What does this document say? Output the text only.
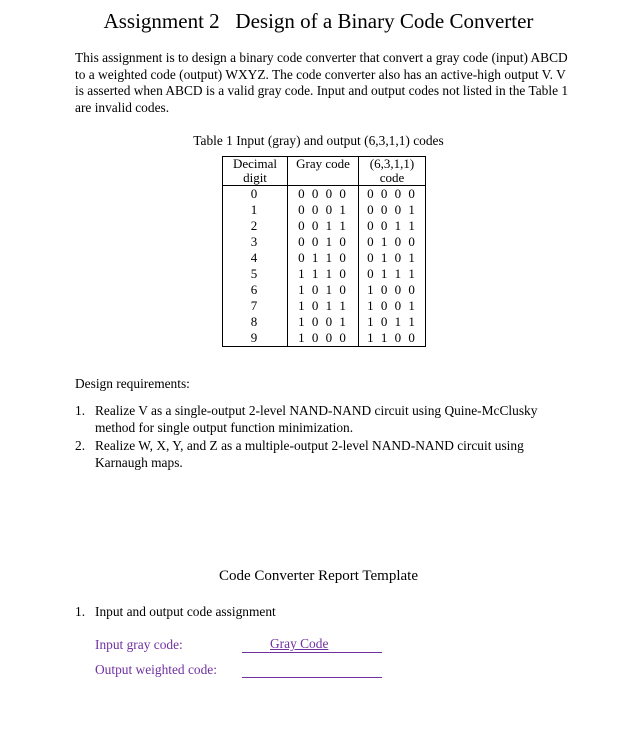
Assignment 2   Design of a Binary Code Converter
This assignment is to design a binary code converter that convert a gray code (input) ABCD to a weighted code (output) WXYZ. The code converter also has an active-high output V. V is asserted when ABCD is a valid gray code. Input and output codes not listed in the Table 1 are invalid codes.
Table 1 Input (gray) and output (6,3,1,1) codes
Decimal digit	Gray code	(6,3,1,1) code
0	0 0 0 0	0 0 0 0
1	0 0 0 1	0 0 0 1
2	0 0 1 1	0 0 1 1
3	0 0 1 0	0 1 0 0
4	0 1 1 0	0 1 0 1
5	1 1 1 0	0 1 1 1
6	1 0 1 0	1 0 0 0
7	1 0 1 1	1 0 0 1
8	1 0 0 1	1 0 1 1
9	1 0 0 0	1 1 0 0
Design requirements:
1. Realize V as a single-output 2-level NAND-NAND circuit using Quine-McClusky method for single output function minimization.
2. Realize W, X, Y, and Z as a multiple-output 2-level NAND-NAND circuit using Karnaugh maps.
Code Converter Report Template
1. Input and output code assignment
Input gray code:	Gray Code
Output weighted code:
